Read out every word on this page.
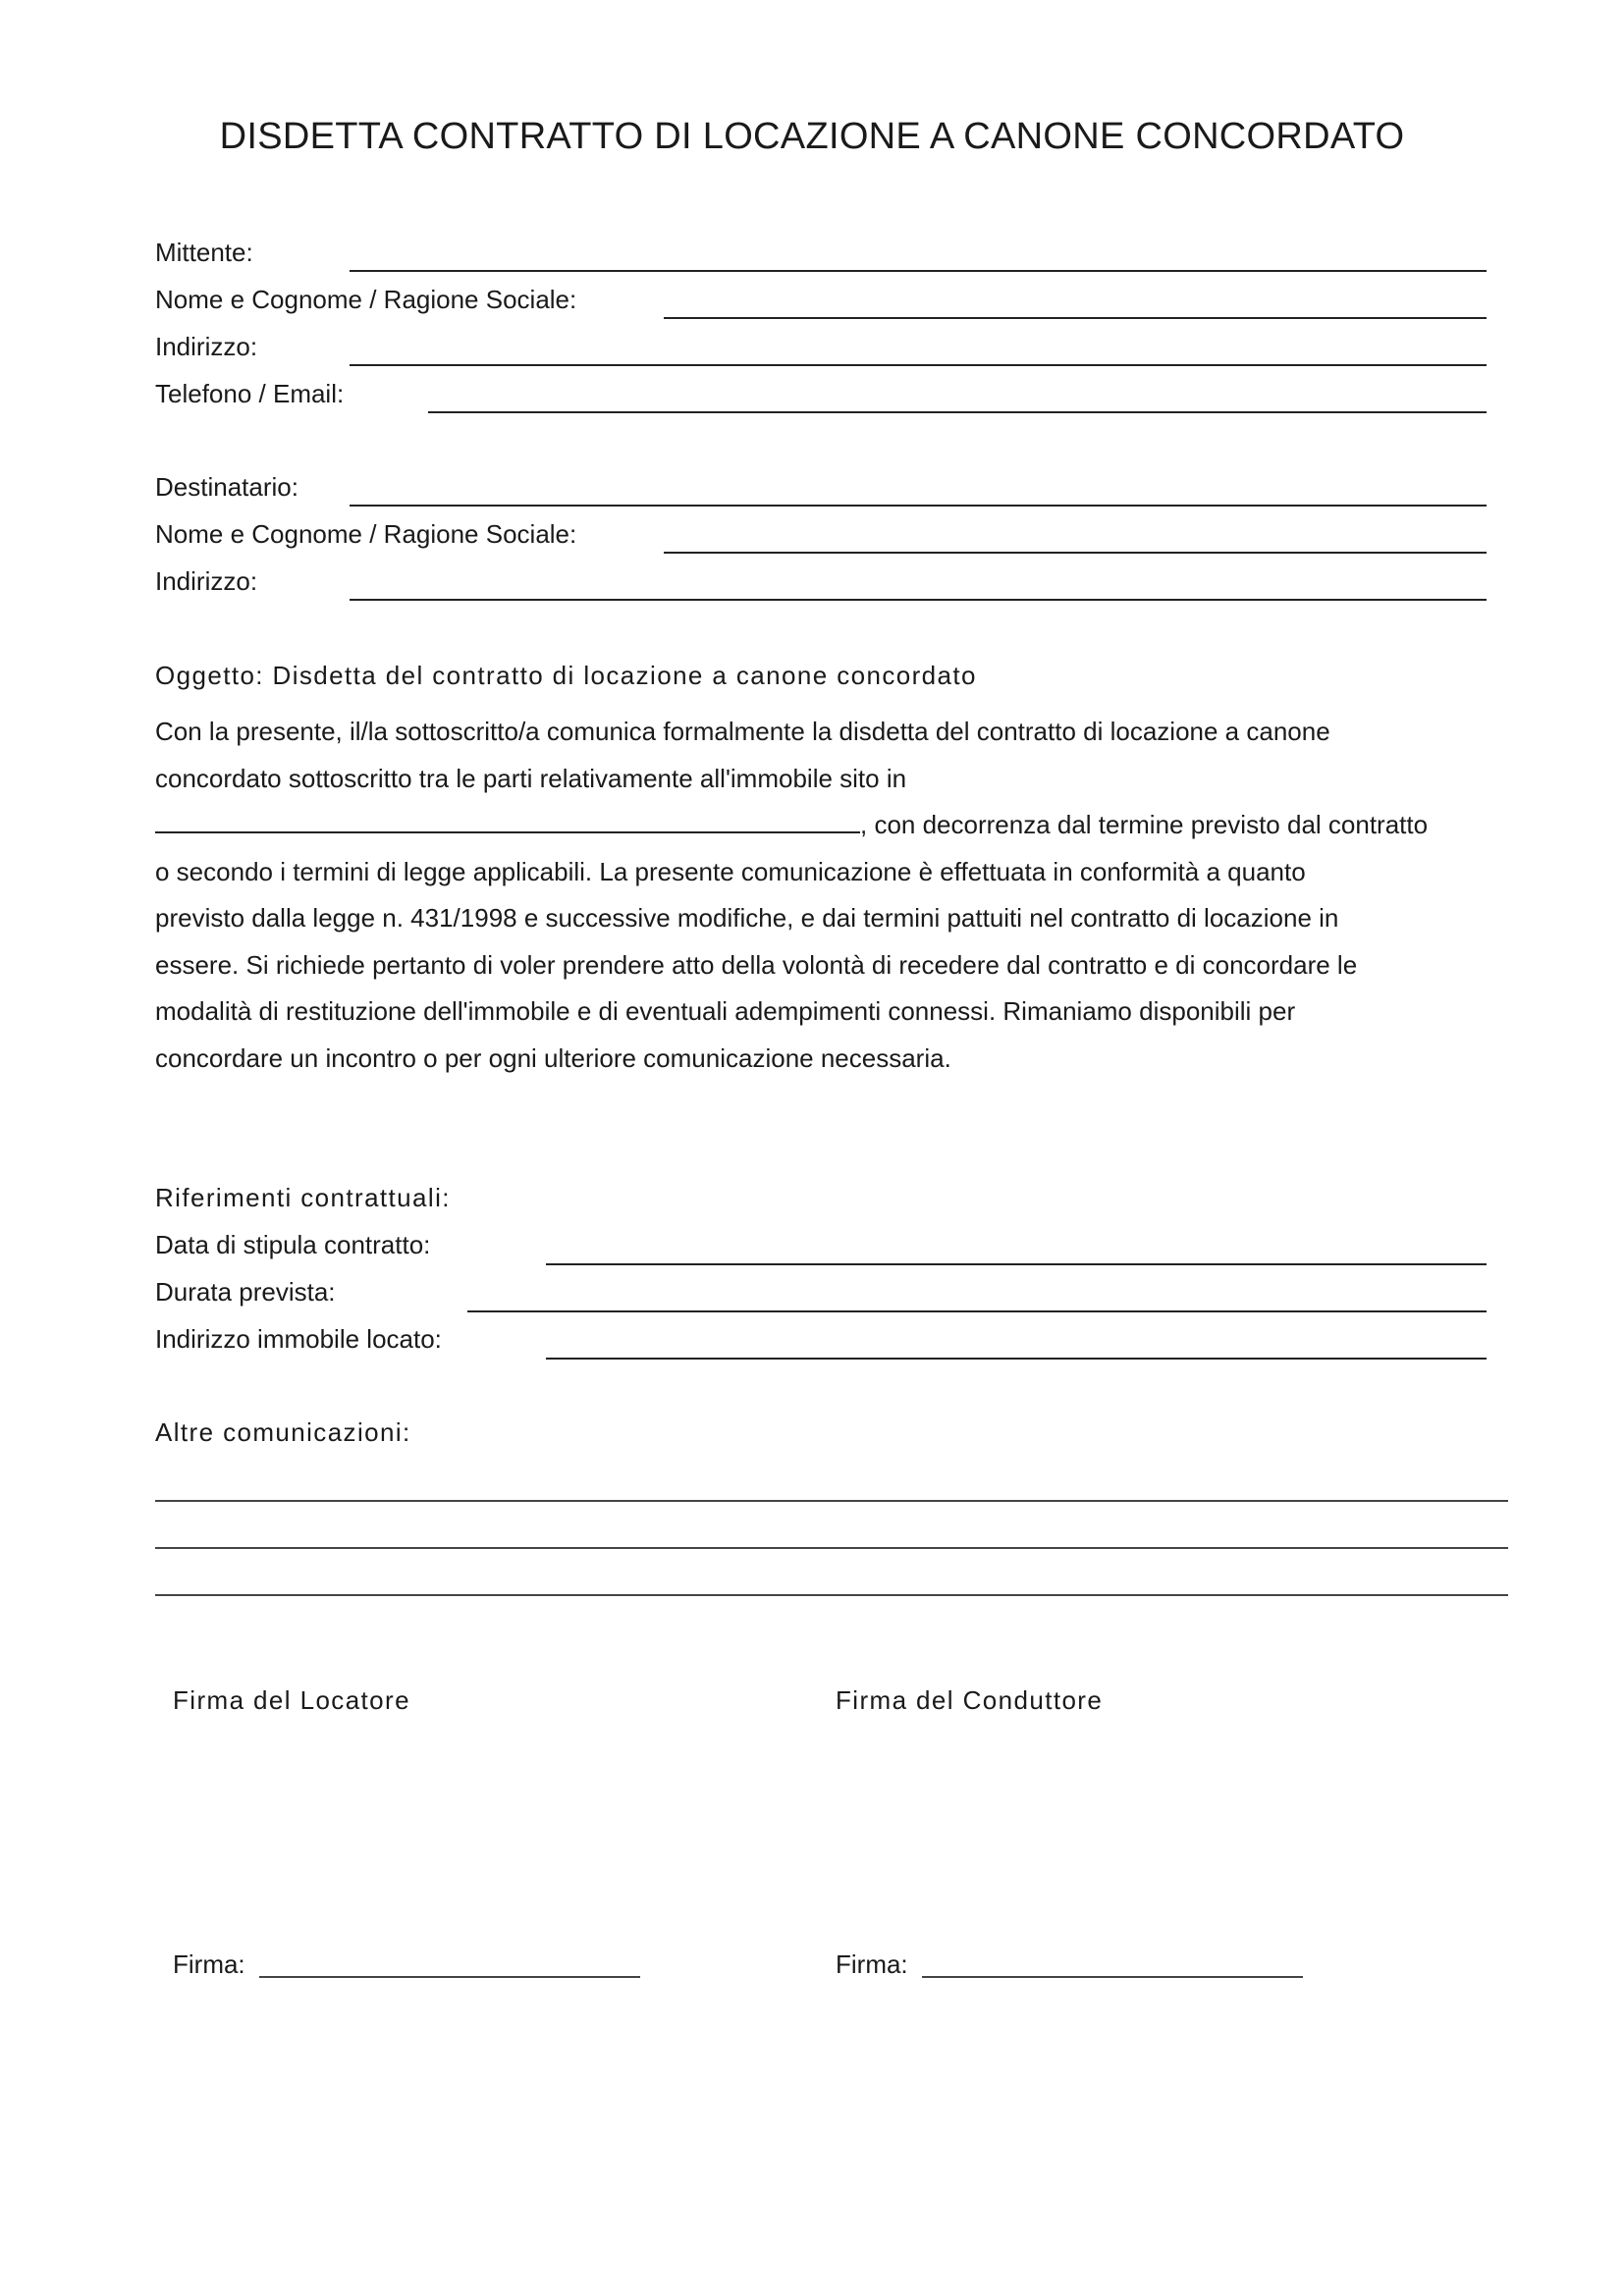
DISDETTA CONTRATTO DI LOCAZIONE A CANONE CONCORDATO
Mittente:
Nome e Cognome / Ragione Sociale:
Indirizzo:
Telefono / Email:
Destinatario:
Nome e Cognome / Ragione Sociale:
Indirizzo:
Oggetto: Disdetta del contratto di locazione a canone concordato
Con la presente, il/la sottoscritto/a comunica formalmente la disdetta del contratto di locazione a canone
concordato sottoscritto tra le parti relativamente all'immobile sito in
, con decorrenza dal termine previsto dal contratto
o secondo i termini di legge applicabili. La presente comunicazione è effettuata in conformità a quanto
previsto dalla legge n. 431/1998 e successive modifiche, e dai termini pattuiti nel contratto di locazione in
essere. Si richiede pertanto di voler prendere atto della volontà di recedere dal contratto e di concordare le
modalità di restituzione dell'immobile e di eventuali adempimenti connessi. Rimaniamo disponibili per
concordare un incontro o per ogni ulteriore comunicazione necessaria.
Riferimenti contrattuali:
Data di stipula contratto:
Durata prevista:
Indirizzo immobile locato:
Altre comunicazioni:
Firma del Locatore	Firma del Conduttore
Firma:	Firma:
